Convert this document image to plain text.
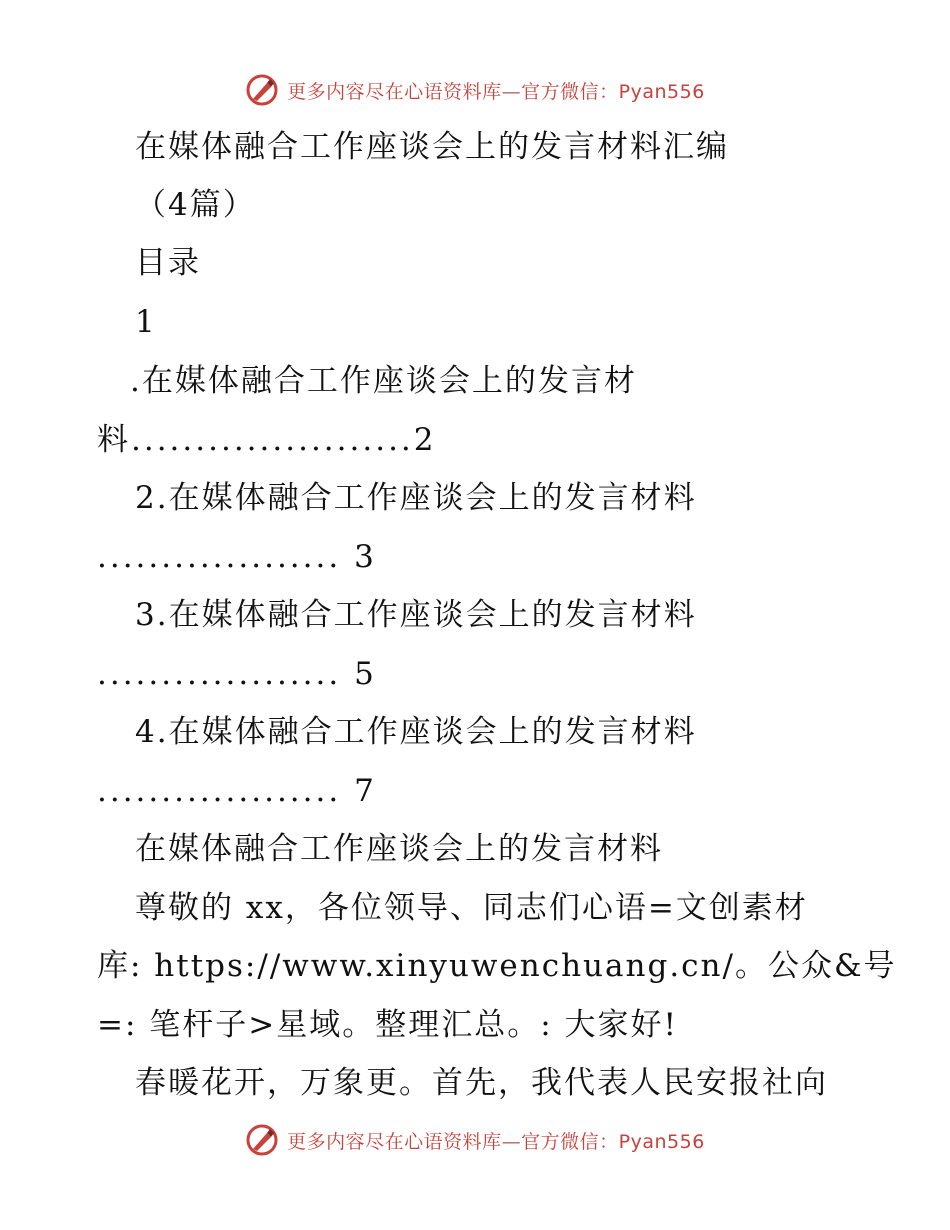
更多内容尽在心语资料库—官方微信：Pyan556
在媒体融合工作座谈会上的发言材料汇编
（4篇）
目录
1
.在媒体融合工作座谈会上的发言材
料......................2
2.在媒体融合工作座谈会上的发言材料
................... 3
3.在媒体融合工作座谈会上的发言材料
................... 5
4.在媒体融合工作座谈会上的发言材料
................... 7
在媒体融合工作座谈会上的发言材料
尊敬的 xx，各位领导、同志们心语=文创素材
库: https://www.xinyuwenchuang.cn/。公众&号
=: 笔杆子>星域。整理汇总。: 大家好!
春暖花开，万象更。首先，我代表人民安报社向
更多内容尽在心语资料库—官方微信：Pyan556
